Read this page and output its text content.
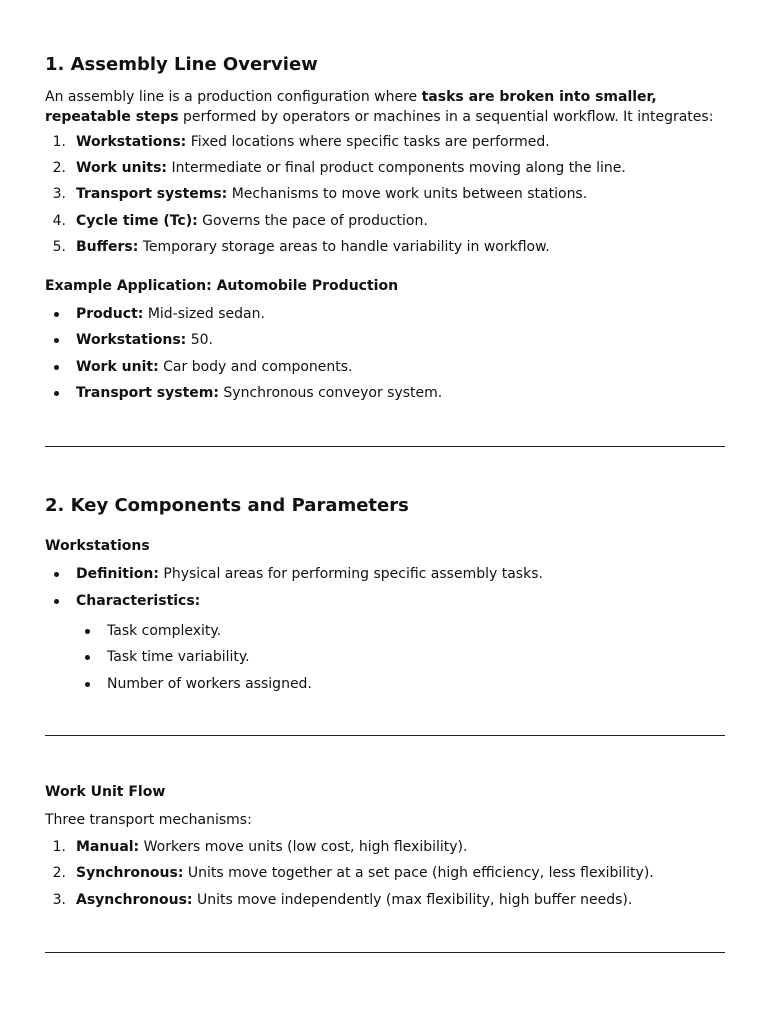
1. Assembly Line Overview

An assembly line is a production configuration where tasks are broken into smaller, repeatable steps performed by operators or machines in a sequential workflow. It integrates:

1. Workstations: Fixed locations where specific tasks are performed.
2. Work units: Intermediate or final product components moving along the line.
3. Transport systems: Mechanisms to move work units between stations.
4. Cycle time (Tc): Governs the pace of production.
5. Buffers: Temporary storage areas to handle variability in workflow.
Example Application: Automobile Production
Product: Mid-sized sedan.
Workstations: 50.
Work unit: Car body and components.
Transport system: Synchronous conveyor system.
2. Key Components and Parameters
Workstations
Definition: Physical areas for performing specific assembly tasks.
Characteristics:
Task complexity.
Task time variability.
Number of workers assigned.
Work Unit Flow

Three transport mechanisms:

1. Manual: Workers move units (low cost, high flexibility).
2. Synchronous: Units move together at a set pace (high efficiency, less flexibility).
3. Asynchronous: Units move independently (max flexibility, high buffer needs).
